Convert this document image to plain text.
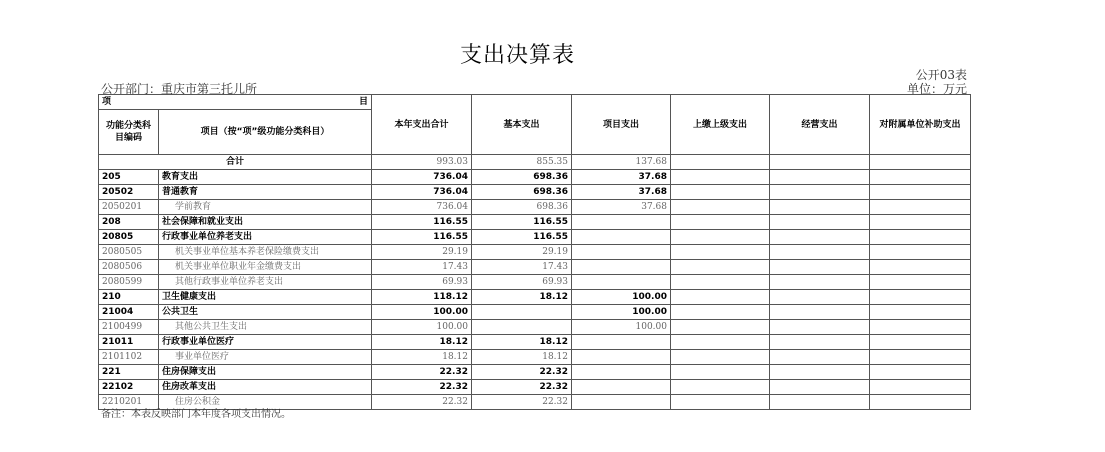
支出决算表
公开03表
公开部门：重庆市第三托儿所	单位：万元
项 目		本年支出合计	基本支出	项目支出	上缴上级支出	经营支出	对附属单位补助支出
功能分类科目编码	项目（按“项”级功能分类科目）						
合计		993.03	855.35	137.68			
205	教育支出	736.04	698.36	37.68			
20502	普通教育	736.04	698.36	37.68			
2050201	学前教育	736.04	698.36	37.68			
208	社会保障和就业支出	116.55	116.55				
20805	行政事业单位养老支出	116.55	116.55				
2080505	机关事业单位基本养老保险缴费支出	29.19	29.19				
2080506	机关事业单位职业年金缴费支出	17.43	17.43				
2080599	其他行政事业单位养老支出	69.93	69.93				
210	卫生健康支出	118.12	18.12	100.00			
21004	公共卫生	100.00		100.00			
2100499	其他公共卫生支出	100.00		100.00			
21011	行政事业单位医疗	18.12	18.12				
2101102	事业单位医疗	18.12	18.12				
221	住房保障支出	22.32	22.32				
22102	住房改革支出	22.32	22.32				
2210201	住房公积金	22.32	22.32				
备注：本表反映部门本年度各项支出情况。
